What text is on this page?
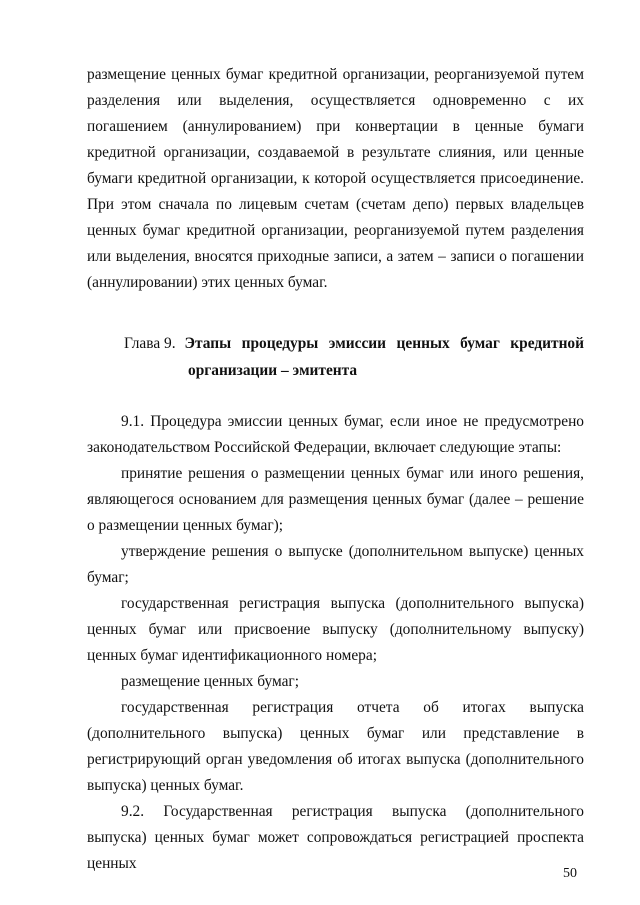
размещение ценных бумаг кредитной организации, реорганизуемой путем разделения или выделения, осуществляется одновременно с их погашением (аннулированием) при конвертации в ценные бумаги кредитной организации, создаваемой в результате слияния, или ценные бумаги кредитной организации, к которой осуществляется присоединение. При этом сначала по лицевым счетам (счетам депо) первых владельцев ценных бумаг кредитной организации, реорганизуемой путем разделения или выделения, вносятся приходные записи, а затем – записи о погашении (аннулировании) этих ценных бумаг.
Глава 9. Этапы процедуры эмиссии ценных бумаг кредитной
организации – эмитента
9.1. Процедура эмиссии ценных бумаг, если иное не предусмотрено законодательством Российской Федерации, включает следующие этапы:
принятие решения о размещении ценных бумаг или иного решения, являющегося основанием для размещения ценных бумаг (далее – решение о размещении ценных бумаг);
утверждение решения о выпуске (дополнительном выпуске) ценных бумаг;
государственная регистрация выпуска (дополнительного выпуска) ценных бумаг или присвоение выпуску (дополнительному выпуску) ценных бумаг идентификационного номера;
размещение ценных бумаг;
государственная регистрация отчета об итогах выпуска (дополнительного выпуска) ценных бумаг или представление в регистрирующий орган уведомления об итогах выпуска (дополнительного выпуска) ценных бумаг.
9.2. Государственная регистрация выпуска (дополнительного выпуска) ценных бумаг может сопровождаться регистрацией проспекта ценных
50
